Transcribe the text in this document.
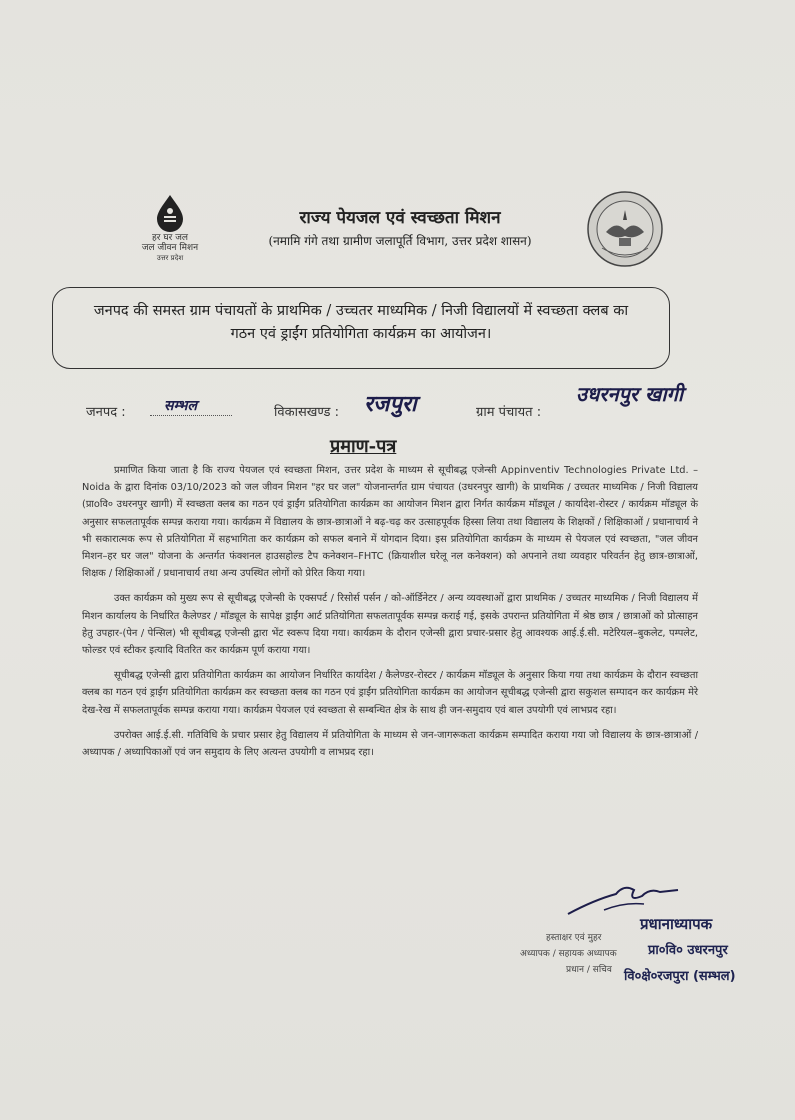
हर घर जल
जल जीवन मिशन
उत्तर प्रदेश
राज्य पेयजल एवं स्वच्छता मिशन
(नमामि गंगे तथा ग्रामीण जलापूर्ति विभाग, उत्तर प्रदेश शासन)
जनपद की समस्त ग्राम पंचायतों के प्राथमिक / उच्चतर माध्यमिक / निजी विद्यालयों में स्वच्छता क्लब का
गठन एवं ड्राईंग प्रतियोगिता कार्यक्रम का आयोजन।
जनपद :	सम्भल	विकासखण्ड : रजपुरा	ग्राम पंचायत :
उधरनपुर खागी
प्रमाण-पत्र

प्रमाणित किया जाता है कि राज्य पेयजल एवं स्वच्छता मिशन, उत्तर प्रदेश के माध्यम से सूचीबद्ध एजेन्सी Appinventiv Technologies Private Ltd. – Noida के द्वारा दिनांक 03/10/2023 को जल जीवन मिशन "हर घर जल" योजनान्तर्गत ग्राम पंचायत (उधरनपुर खागी) के प्राथमिक / उच्चतर माध्यमिक / निजी विद्यालय (प्राoवि० उधरनपुर खागी) में स्वच्छता क्लब का गठन एवं ड्राईंग प्रतियोगिता कार्यक्रम का आयोजन मिशन द्वारा निर्गत कार्यक्रम मॉड्यूल / कार्यादेश-रोस्टर / कार्यक्रम मॉड्यूल के अनुसार सफलतापूर्वक सम्पन्न कराया गया। कार्यक्रम में विद्यालय के छात्र-छात्राओं ने बढ़-चढ़ कर उत्साहपूर्वक हिस्सा लिया तथा विद्यालय के शिक्षकों / शिक्षिकाओं / प्रधानाचार्य ने भी सकारात्मक रूप से प्रतियोगिता में सहभागिता कर कार्यक्रम को सफल बनाने में योगदान दिया। इस प्रतियोगिता कार्यक्रम के माध्यम से पेयजल एवं स्वच्छता, "जल जीवन मिशन–हर घर जल" योजना के अन्तर्गत फंक्शनल हाउसहोल्ड टैप कनेक्शन–FHTC (क्रियाशील घरेलू नल कनेक्शन) को अपनाने तथा व्यवहार परिवर्तन हेतु छात्र-छात्राओं, शिक्षक / शिक्षिकाओं / प्रधानाचार्य तथा अन्य उपस्थित लोगों को प्रेरित किया गया।

उक्त कार्यक्रम को मुख्य रूप से सूचीबद्ध एजेन्सी के एक्सपर्ट / रिसोर्स पर्सन / को-ऑर्डिनेटर / अन्य व्यवस्थाओं द्वारा प्राथमिक / उच्चतर माध्यमिक / निजी विद्यालय में मिशन कार्यालय के निर्धारित कैलेण्डर / मॉड्यूल के सापेक्ष ड्राईंग आर्ट प्रतियोगिता सफलतापूर्वक सम्पन्न कराई गई, इसके उपरान्त प्रतियोगिता में श्रेष्ठ छात्र / छात्राओं को प्रोत्साहन हेतु उपहार-(पेन / पेन्सिल) भी सूचीबद्ध एजेन्सी द्वारा भेंट स्वरूप दिया गया। कार्यक्रम के दौरान एजेन्सी द्वारा प्रचार-प्रसार हेतु आवश्यक आई.ई.सी. मटेरियल–बुकलेट, पम्पलेट, फोल्डर एवं स्टीकर इत्यादि वितरित कर कार्यक्रम पूर्ण कराया गया।

सूचीबद्ध एजेन्सी द्वारा प्रतियोगिता कार्यक्रम का आयोजन निर्धारित कार्यादेश / कैलेण्डर-रोस्टर / कार्यक्रम मॉड्यूल के अनुसार किया गया तथा कार्यक्रम के दौरान स्वच्छता क्लब का गठन एवं ड्राईंग प्रतियोगिता कार्यक्रम कर स्वच्छता क्लब का गठन एवं ड्राईंग प्रतियोगिता कार्यक्रम का आयोजन सूचीबद्ध एजेन्सी द्वारा सकुशल सम्पादन कर कार्यक्रम मेरे देख-रेख में सफलतापूर्वक सम्पन्न कराया गया। कार्यक्रम पेयजल एवं स्वच्छता से सम्बन्धित क्षेत्र के साथ ही जन-समुदाय एवं बाल उपयोगी एवं लाभप्रद रहा।

उपरोक्त आई.ई.सी. गतिविधि के प्रचार प्रसार हेतु विद्यालय में प्रतियोगिता के माध्यम से जन-जागरूकता कार्यक्रम सम्पादित कराया गया जो विद्यालय के छात्र-छात्राओं / अध्यापक / अध्यापिकाओं एवं जन समुदाय के लिए अत्यन्त उपयोगी व लाभप्रद रहा।

हस्ताक्षर एवं मुहर
अध्यापक / सहायक अध्यापक
प्रधान / सचिव
प्रधानाध्यापक
प्रा०वि० उधरनपुर
वि०क्षे०रजपुरा (सम्भल)
